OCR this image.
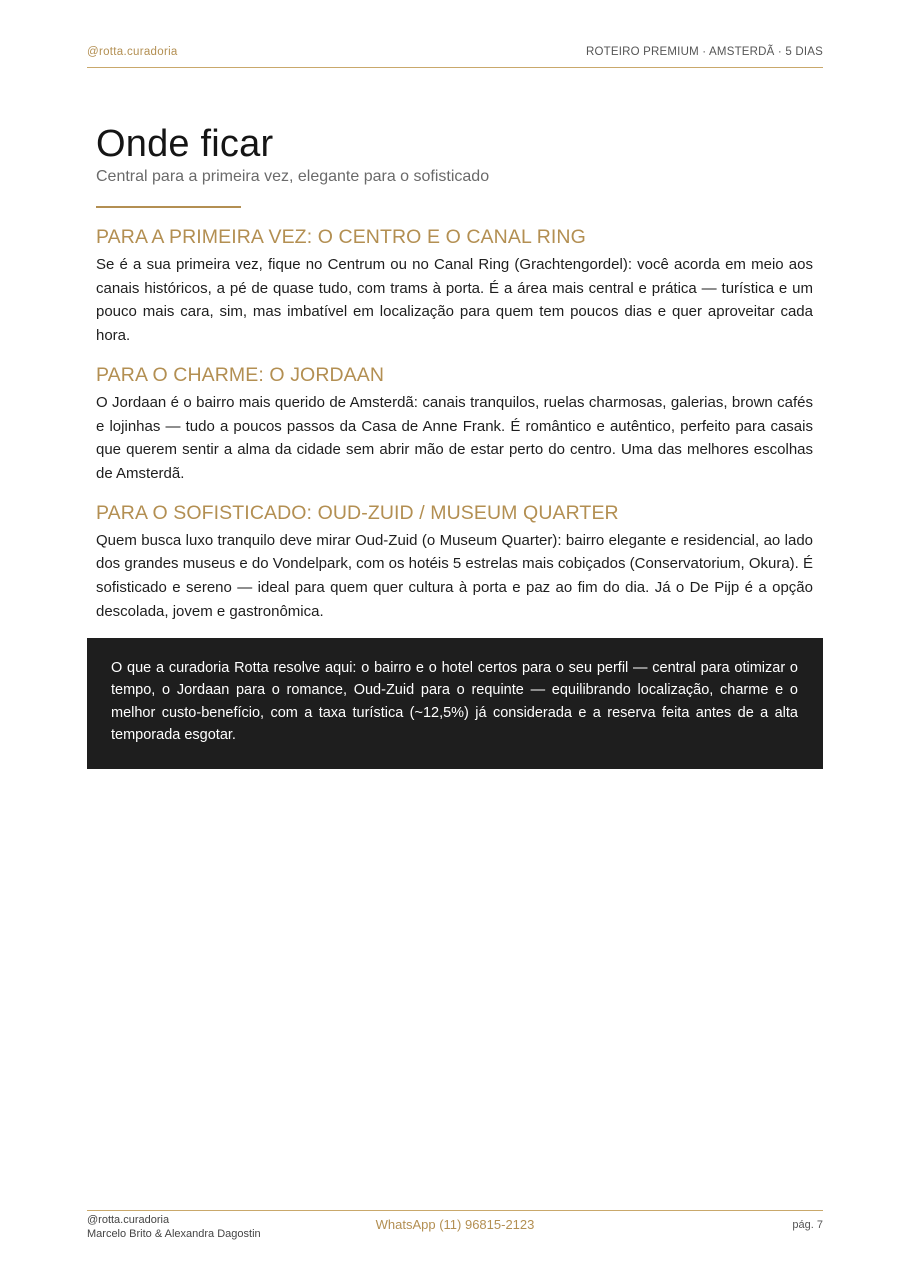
@rotta.curadoria	ROTEIRO PREMIUM · AMSTERDÃ · 5 DIAS
Onde ficar

Central para a primeira vez, elegante para o sofisticado

PARA A PRIMEIRA VEZ: O CENTRO E O CANAL RING

Se é a sua primeira vez, fique no Centrum ou no Canal Ring (Grachtengordel): você acorda em meio aos canais históricos, a pé de quase tudo, com trams à porta. É a área mais central e prática — turística e um pouco mais cara, sim, mas imbatível em localização para quem tem poucos dias e quer aproveitar cada hora.

PARA O CHARME: O JORDAAN

O Jordaan é o bairro mais querido de Amsterdã: canais tranquilos, ruelas charmosas, galerias, brown cafés e lojinhas — tudo a poucos passos da Casa de Anne Frank. É romântico e autêntico, perfeito para casais que querem sentir a alma da cidade sem abrir mão de estar perto do centro. Uma das melhores escolhas de Amsterdã.

PARA O SOFISTICADO: OUD-ZUID / MUSEUM QUARTER

Quem busca luxo tranquilo deve mirar Oud-Zuid (o Museum Quarter): bairro elegante e residencial, ao lado dos grandes museus e do Vondelpark, com os hotéis 5 estrelas mais cobiçados (Conservatorium, Okura). É sofisticado e sereno — ideal para quem quer cultura à porta e paz ao fim do dia. Já o De Pijp é a opção descolada, jovem e gastronômica.

O que a curadoria Rotta resolve aqui: o bairro e o hotel certos para o seu perfil — central para otimizar o tempo, o Jordaan para o romance, Oud-Zuid para o requinte — equilibrando localização, charme e o melhor custo-benefício, com a taxa turística (~12,5%) já considerada e a reserva feita antes de a alta temporada esgotar.

@rotta.curadoria
Marcelo Brito & Alexandra Dagostin
WhatsApp (11) 96815-2123	pág. 7
